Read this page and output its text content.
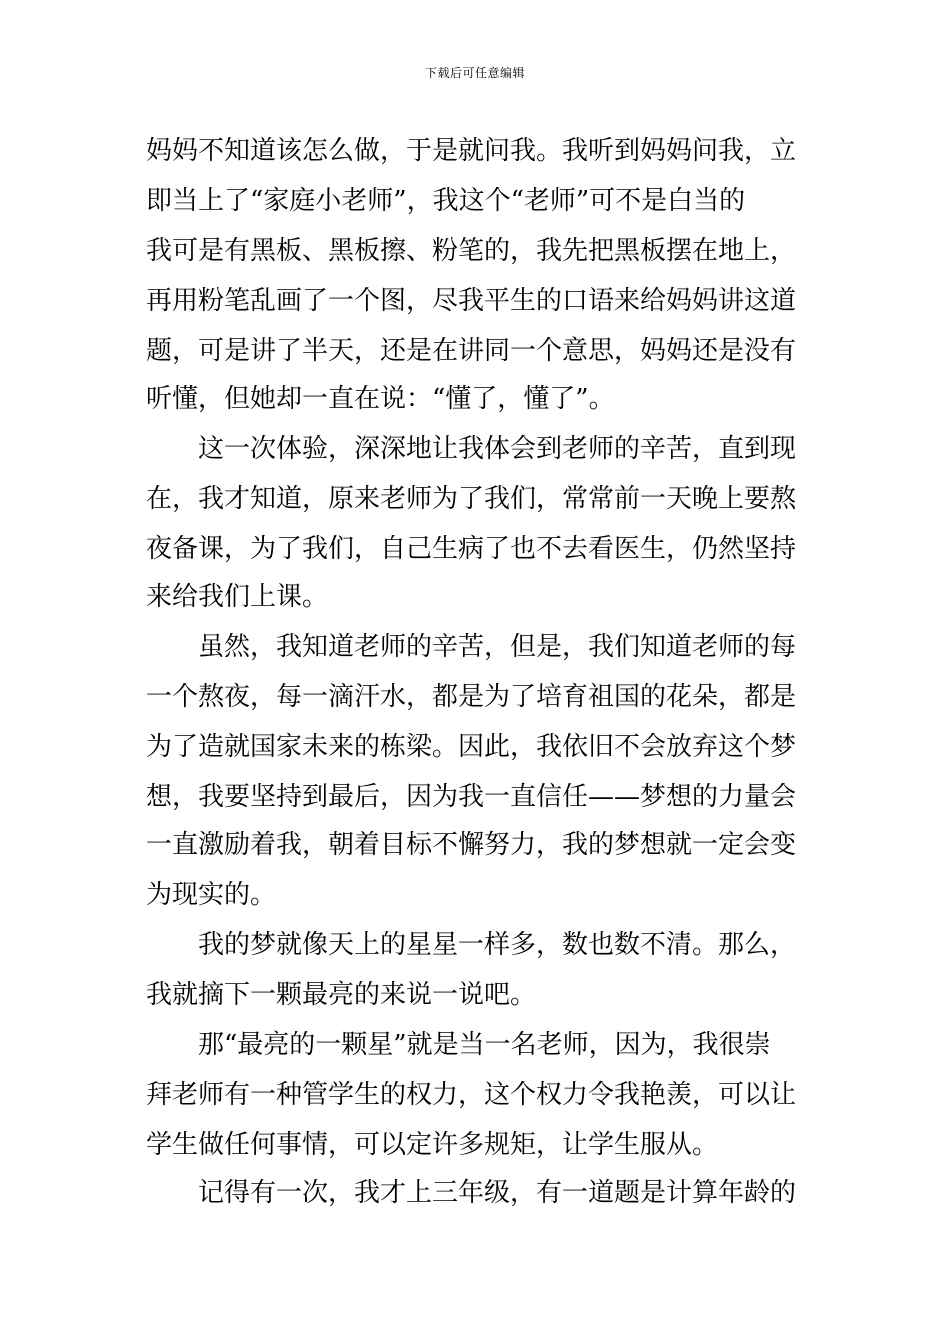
下载后可任意编辑
妈妈不知道该怎么做，于是就问我。我听到妈妈问我，立
即当上了“家庭小老师”，我这个“老师”可不是白当的
我可是有黑板、黑板擦、粉笔的，我先把黑板摆在地上，
再用粉笔乱画了一个图，尽我平生的口语来给妈妈讲这道
题，可是讲了半天，还是在讲同一个意思，妈妈还是没有
听懂，但她却一直在说：“懂了，懂了”。
这一次体验，深深地让我体会到老师的辛苦，直到现
在，我才知道，原来老师为了我们，常常前一天晚上要熬
夜备课，为了我们，自己生病了也不去看医生，仍然坚持
来给我们上课。
虽然，我知道老师的辛苦，但是，我们知道老师的每
一个熬夜，每一滴汗水，都是为了培育祖国的花朵，都是
为了造就国家未来的栋梁。因此，我依旧不会放弃这个梦
想，我要坚持到最后，因为我一直信任——梦想的力量会
一直激励着我，朝着目标不懈努力，我的梦想就一定会变
为现实的。
我的梦就像天上的星星一样多，数也数不清。那么，
我就摘下一颗最亮的来说一说吧。
那“最亮的一颗星”就是当一名老师，因为，我很崇
拜老师有一种管学生的权力，这个权力令我艳羡，可以让
学生做任何事情，可以定许多规矩，让学生服从。
记得有一次，我才上三年级，有一道题是计算年龄的
